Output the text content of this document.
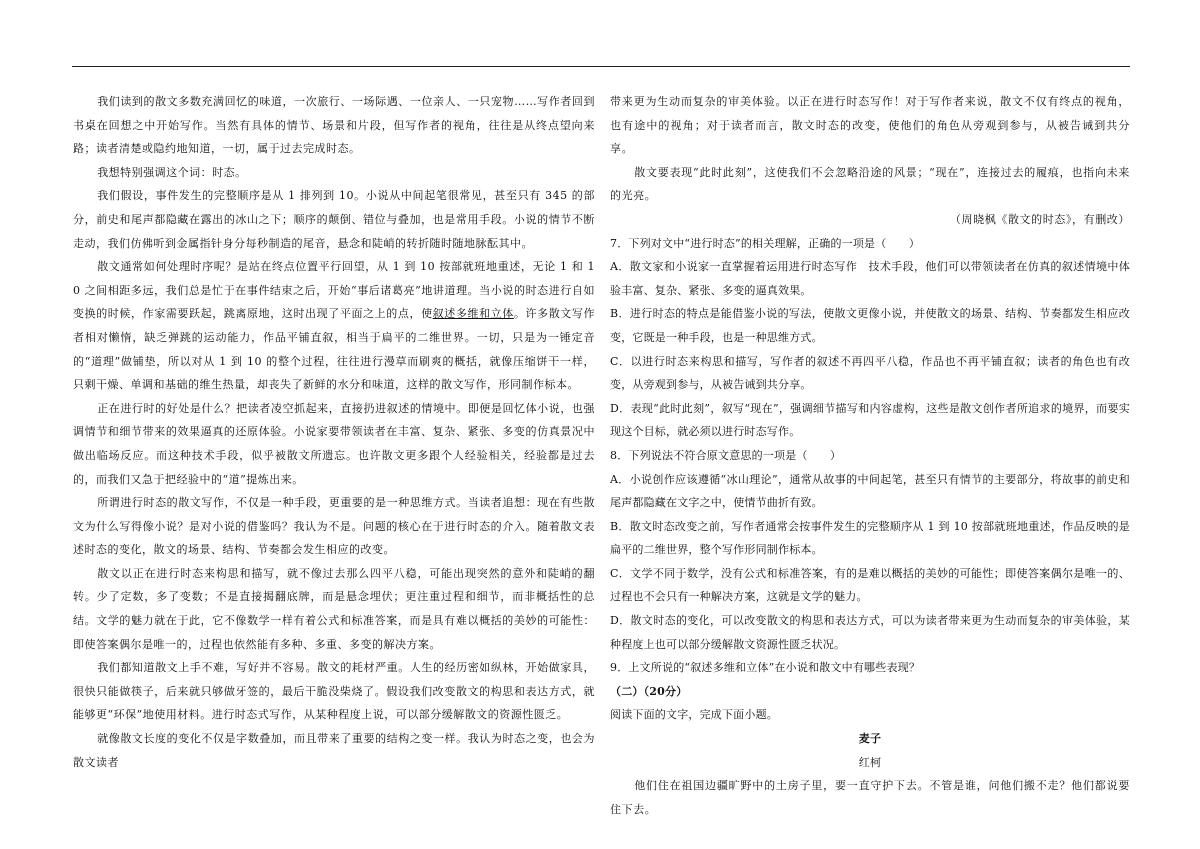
我们读到的散文多数充满回忆的味道，一次旅行、一场际遇、一位亲人、一只宠物……写作者回到书桌在回想之中开始写作。当然有具体的情节、场景和片段，但写作者的视角，往往是从终点望向来路；读者清楚或隐约地知道，一切，属于过去完成时态。

我想特别强调这个词：时态。

我们假设，事件发生的完整顺序是从 1 排列到 10。小说从中间起笔很常见，甚至只有 345 的部分，前史和尾声都隐藏在露出的冰山之下；顺序的颠倒、错位与叠加，也是常用手段。小说的情节不断走动，我们仿佛听到金属指针身分每秒制造的尾音，悬念和陡峭的转折随时随地脉酝其中。

散文通常如何处理时序呢？是站在终点位置平行回望，从 1 到 10 按部就班地重述，无论 1 和 10 之间相距多远，我们总是忙于在事件结束之后，开始“事后诸葛亮”地讲道理。当小说的时态进行自如变换的时候，作家需要跃起，跳离原地，这时出现了平面之上的点，使叙述多维和立体。许多散文写作者相对懒惰，缺乏弹跳的运动能力，作品平铺直叙，相当于扁平的二维世界。一切，只是为一锤定音的“道理”做铺垫，所以对从 1 到 10 的整个过程，往往进行漫草而刷爽的概括，就像压缩饼干一样，只剩干燥、单调和基础的维生热量，却丧失了新鲜的水分和味道，这样的散文写作，形同制作标本。

正在进行时的好处是什么？把读者凌空抓起来，直接扔进叙述的情境中。即便是回忆体小说，也强调情节和细节带来的效果逼真的还原体验。小说家要带领读者在丰富、复杂、紧张、多变的仿真景况中做出临场反应。而这种技术手段，似乎被散文所遗忘。也许散文更多跟个人经验相关，经验都是过去的，而我们又急于把经验中的“道”提炼出来。

所谓进行时态的散文写作，不仅是一种手段，更重要的是一种思维方式。当读者追想：现在有些散文为什么写得像小说？是对小说的借鉴吗？我认为不是。问题的核心在于进行时态的介入。随着散文表述时态的变化，散文的场景、结构、节奏都会发生相应的改变。

散文以正在进行时态来构思和描写，就不像过去那么四平八稳，可能出现突然的意外和陡峭的翻转。少了定数，多了变数；不是直接揭翻底牌，而是悬念埋伏；更注重过程和细节，而非概括性的总结。文学的魅力就在于此，它不像数学一样有着公式和标准答案，而是具有难以概括的美妙的可能性：即使答案偶尔是唯一的，过程也依然能有多种、多重、多变的解决方案。

我们都知道散文上手不难，写好并不容易。散文的耗材严重。人生的经历密如纵林，开始做家具，很快只能做筷子，后来就只够做牙签的，最后干脆没柴烧了。假设我们改变散文的构思和表达方式，就能够更“环保”地使用材料。进行时态式写作，从某种程度上说，可以部分缓解散文的资源性匮乏。

就像散文长度的变化不仅是字数叠加，而且带来了重要的结构之变一样。我认为时态之变，也会为散文读者

带来更为生动而复杂的审美体验。以正在进行时态写作！对于写作者来说，散文不仅有终点的视角，也有途中的视角；对于读者而言，散文时态的改变，使他们的角色从旁观到参与，从被告诫到共分享。

散文要表现“此时此刻”，这使我们不会忽略沿途的风景；“现在”，连接过去的履痕，也指向未来的光亮。

（周晓枫《散文的时态》，有删改）

7．下列对文中“进行时态”的相关理解，正确的一项是（　　）

A．散文家和小说家一直掌握着运用进行时态写作　技术手段，他们可以带领读者在仿真的叙述情境中体验丰富、复杂、紧张、多变的逼真效果。

B．进行时态的特点是能借鉴小说的写法，使散文更像小说，并使散文的场景、结构、节奏都发生相应改变，它既是一种手段，也是一种思维方式。

C．以进行时态来构思和描写，写作者的叙述不再四平八稳，作品也不再平铺直叙；读者的角色也有改变，从旁观到参与，从被告诫到共分享。

D．表现“此时此刻”，叙写“现在”，强调细节描写和内容虚构，这些是散文创作者所追求的境界，而要实现这个目标，就必须以进行时态写作。

8．下列说法不符合原文意思的一项是（　　）

A．小说创作应该遵循“冰山理论”，通常从故事的中间起笔，甚至只有情节的主要部分，将故事的前史和尾声都隐藏在文字之中，使情节曲折有致。

B．散文时态改变之前，写作者通常会按事件发生的完整顺序从 1 到 10 按部就班地重述，作品反映的是扁平的二维世界，整个写作形同制作标本。

C．文学不同于数学，没有公式和标准答案，有的是难以概括的美妙的可能性；即使答案偶尔是唯一的、过程也不会只有一种解决方案，这就是文学的魅力。

D．散文时态的变化，可以改变散文的构思和表达方式，可以为读者带来更为生动而复杂的审美体验，某种程度上也可以部分缓解散文资源性匮乏状况。

9．上文所说的“叙述多维和立体”在小说和散文中有哪些表现？

（二）（20分）

阅读下面的文字，完成下面小题。

麦子

红柯

他们住在祖国边疆旷野中的土房子里，要一直守护下去。不管是谁，问他们搬不走？他们都说要住下去。
